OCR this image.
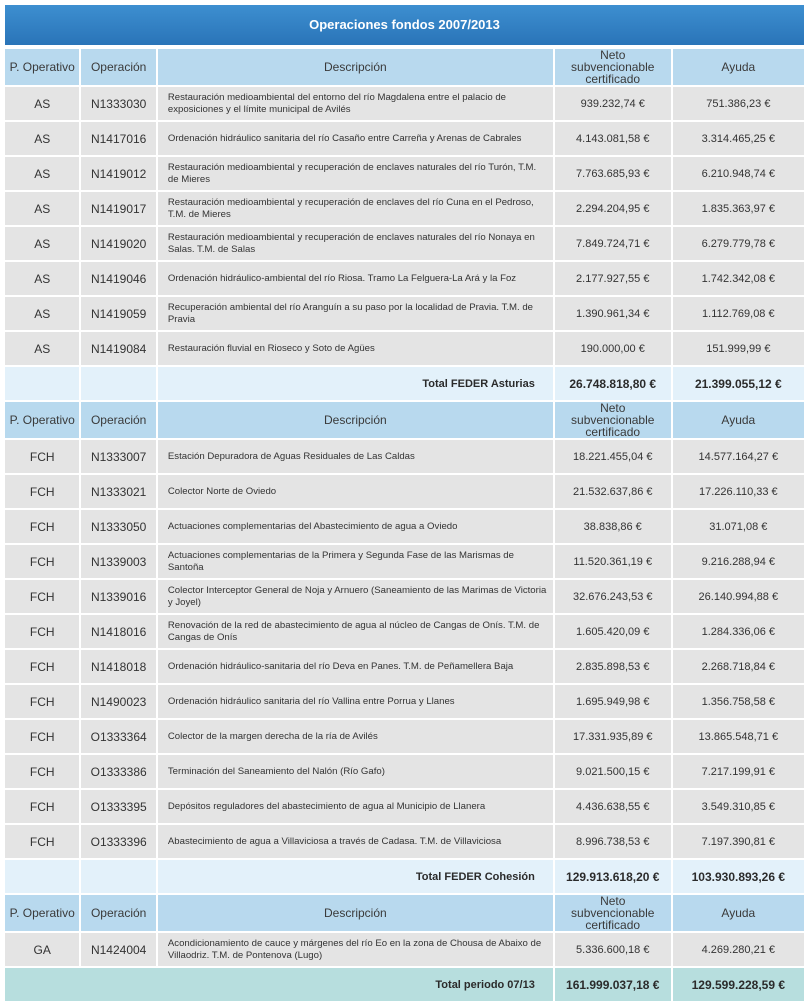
Operaciones fondos 2007/2013
P. Operativo	Operación	Descripción	Neto subvencionable certificado	Ayuda
AS	N1333030	Restauración medioambiental del entorno del río Magdalena entre el palacio de exposiciones y el límite municipal de Avilés	939.232,74 €	751.386,23 €
AS	N1417016	Ordenación hidráulico sanitaria del río Casaño entre Carreña y Arenas de Cabrales	4.143.081,58 €	3.314.465,25 €
AS	N1419012	Restauración medioambiental y recuperación de enclaves naturales del río Turón, T.M. de Mieres	7.763.685,93 €	6.210.948,74 €
AS	N1419017	Restauración medioambiental y recuperación de enclaves del río Cuna en el Pedroso, T.M. de Mieres	2.294.204,95 €	1.835.363,97 €
AS	N1419020	Restauración medioambiental y recuperación de enclaves naturales del río Nonaya en Salas. T.M. de Salas	7.849.724,71 €	6.279.779,78 €
AS	N1419046	Ordenación hidráulico-ambiental del río Riosa. Tramo La Felguera-La Ará y la Foz	2.177.927,55 €	1.742.342,08 €
AS	N1419059	Recuperación ambiental del río Aranguín a su paso por la localidad de Pravia. T.M. de Pravia	1.390.961,34 €	1.112.769,08 €
AS	N1419084	Restauración fluvial en Rioseco y Soto de Agües	190.000,00 €	151.999,99 €
		Total FEDER Asturias	26.748.818,80 €	21.399.055,12 €
P. Operativo	Operación	Descripción	Neto subvencionable certificado	Ayuda
FCH	N1333007	Estación Depuradora de Aguas Residuales de Las Caldas	18.221.455,04 €	14.577.164,27 €
FCH	N1333021	Colector Norte de Oviedo	21.532.637,86 €	17.226.110,33 €
FCH	N1333050	Actuaciones complementarias del Abastecimiento de agua a Oviedo	38.838,86 €	31.071,08 €
FCH	N1339003	Actuaciones complementarias de la Primera y Segunda Fase de las Marismas de Santoña	11.520.361,19 €	9.216.288,94 €
FCH	N1339016	Colector Interceptor General de Noja y Arnuero (Saneamiento de las Marimas de Victoria y Joyel)	32.676.243,53 €	26.140.994,88 €
FCH	N1418016	Renovación de la red de abastecimiento de agua al núcleo de Cangas de Onís. T.M. de Cangas de Onís	1.605.420,09 €	1.284.336,06 €
FCH	N1418018	Ordenación hidráulico-sanitaria del río Deva en Panes. T.M. de Peñamellera Baja	2.835.898,53 €	2.268.718,84 €
FCH	N1490023	Ordenación hidráulico sanitaria del río Vallina entre Porrua y Llanes	1.695.949,98 €	1.356.758,58 €
FCH	O1333364	Colector de la margen derecha de la ría de Avilés	17.331.935,89 €	13.865.548,71 €
FCH	O1333386	Terminación del Saneamiento del Nalón (Río Gafo)	9.021.500,15 €	7.217.199,91 €
FCH	O1333395	Depósitos reguladores del abastecimiento de agua al Municipio de Llanera	4.436.638,55 €	3.549.310,85 €
FCH	O1333396	Abastecimiento de agua a Villaviciosa a través de Cadasa. T.M. de Villaviciosa	8.996.738,53 €	7.197.390,81 €
		Total FEDER Cohesión	129.913.618,20 €	103.930.893,26 €
P. Operativo	Operación	Descripción	Neto subvencionable certificado	Ayuda
GA	N1424004	Acondicionamiento de cauce y márgenes del río Eo en la zona de Chousa de Abaixo de Villaodriz. T.M. de Pontenova (Lugo)	5.336.600,18 €	4.269.280,21 €
Total periodo 07/13			161.999.037,18 €	129.599.228,59 €
